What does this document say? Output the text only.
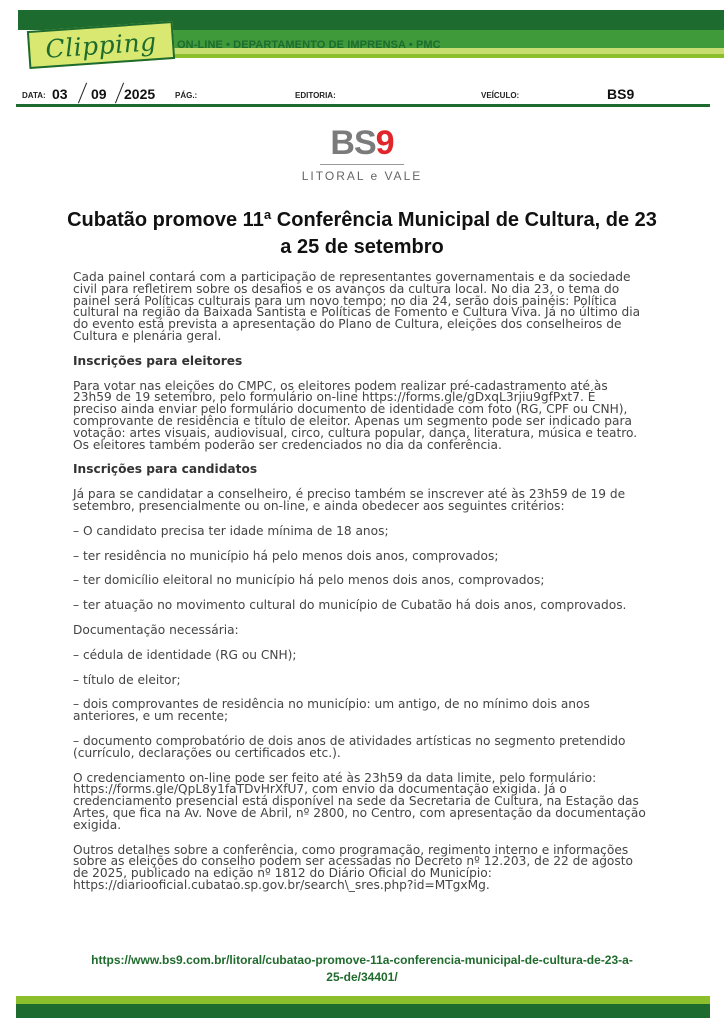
Clipping ON-LINE • DEPARTAMENTO DE IMPRENSA • PMC
DATA: 03 09 2025 PÁG.:	EDITORIA:	VEÍCULO:	BS9
BS9
LITORAL e VALE
Cubatão promove 11ª Conferência Municipal de Cultura, de 23 a 25 de setembro

Cada painel contará com a participação de representantes governamentais e da sociedade

civil para refletirem sobre os desafios e os avanços da cultura local. No dia 23, o tema do

painel será Políticas culturais para um novo tempo; no dia 24, serão dois painéis: Política

cultural na região da Baixada Santista e Políticas de Fomento e Cultura Viva. Já no último dia

do evento está prevista a apresentação do Plano de Cultura, eleições dos conselheiros de

Cultura e plenária geral.

Inscrições para eleitores

Para votar nas eleições do CMPC, os eleitores podem realizar pré-cadastramento até às

23h59 de 19 setembro, pelo formulário on-line https://forms.gle/gDxqL3rjiu9gfPxt7. É

preciso ainda enviar pelo formulário documento de identidade com foto (RG, CPF ou CNH),

comprovante de residência e título de eleitor. Apenas um segmento pode ser indicado para

votação: artes visuais, audiovisual, circo, cultura popular, dança, literatura, música e teatro.

Os eleitores também poderão ser credenciados no dia da conferência.

Inscrições para candidatos

Já para se candidatar a conselheiro, é preciso também se inscrever até às 23h59 de 19 de

setembro, presencialmente ou on-line, e ainda obedecer aos seguintes critérios:

– O candidato precisa ter idade mínima de 18 anos;

– ter residência no município há pelo menos dois anos, comprovados;

– ter domicílio eleitoral no município há pelo menos dois anos, comprovados;

– ter atuação no movimento cultural do município de Cubatão há dois anos, comprovados.

Documentação necessária:

– cédula de identidade (RG ou CNH);

– título de eleitor;

– dois comprovantes de residência no município: um antigo, de no mínimo dois anos

anteriores, e um recente;

– documento comprobatório de dois anos de atividades artísticas no segmento pretendido

(currículo, declarações ou certificados etc.).

O credenciamento on-line pode ser feito até às 23h59 da data limite, pelo formulário:

https://forms.gle/QpL8y1faTDvHrXfU7, com envio da documentação exigida. Já o

credenciamento presencial está disponível na sede da Secretaria de Cultura, na Estação das

Artes, que fica na Av. Nove de Abril, nº 2800, no Centro, com apresentação da documentação

exigida.

Outros detalhes sobre a conferência, como programação, regimento interno e informações

sobre as eleições do conselho podem ser acessadas no Decreto nº 12.203, de 22 de agosto

de 2025, publicado na edição nº 1812 do Diário Oficial do Município:

https://diariooficial.cubatao.sp.gov.br/search\_sres.php?id=MTgxMg.

https://www.bs9.com.br/litoral/cubatao-promove-11a-conferencia-municipal-de-cultura-de-23-a-
25-de/34401/
